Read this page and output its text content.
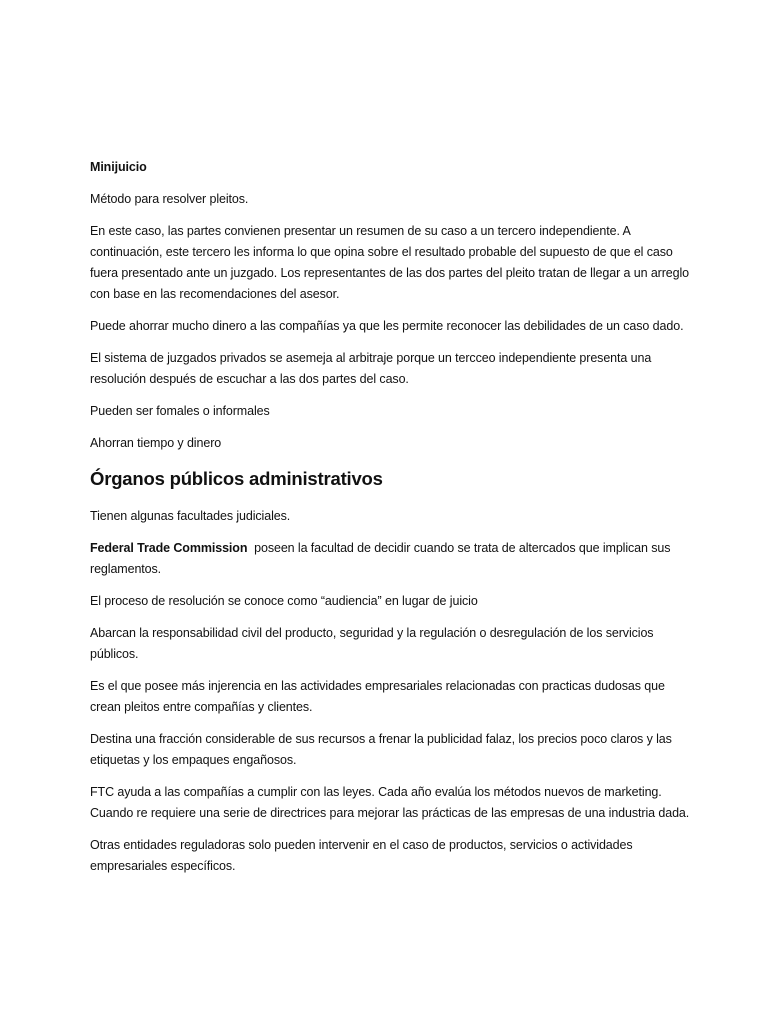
Minijuicio

Método para resolver pleitos.

En este caso, las partes convienen presentar un resumen de su caso a un tercero independiente. A continuación, este tercero les informa lo que opina sobre el resultado probable del supuesto de que el caso fuera presentado ante un juzgado. Los representantes de las dos partes del pleito tratan de llegar a un arreglo con base en las recomendaciones del asesor.

Puede ahorrar mucho dinero a las compañías ya que les permite reconocer las debilidades de un caso dado.

El sistema de juzgados privados se asemeja al arbitraje porque un tercceo independiente presenta una resolución después de escuchar a las dos partes del caso.

Pueden ser fomales o informales

Ahorran tiempo y dinero

Órganos públicos administrativos

Tienen algunas facultades judiciales.

Federal Trade Commission  poseen la facultad de decidir cuando se trata de altercados que implican sus reglamentos.

El proceso de resolución se conoce como “audiencia” en lugar de juicio

Abarcan la responsabilidad civil del producto, seguridad y la regulación o desregulación de los servicios públicos.

Es el que posee más injerencia en las actividades empresariales relacionadas con practicas dudosas que crean pleitos entre compañías y clientes.

Destina una fracción considerable de sus recursos a frenar la publicidad falaz, los precios poco claros y las etiquetas y los empaques engañosos.

FTC ayuda a las compañías a cumplir con las leyes. Cada año evalúa los métodos nuevos de marketing. Cuando re requiere una serie de directrices para mejorar las prácticas de las empresas de una industria dada.

Otras entidades reguladoras solo pueden intervenir en el caso de productos, servicios o actividades empresariales específicos.
